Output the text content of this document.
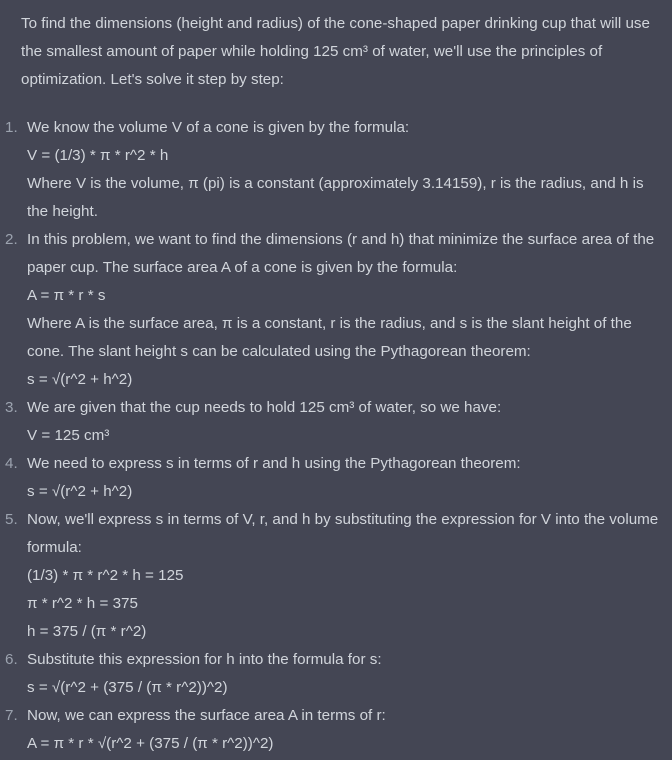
To find the dimensions (height and radius) of the cone-shaped paper drinking cup that will use the smallest amount of paper while holding 125 cm³ of water, we'll use the principles of optimization. Let's solve it step by step:

1. We know the volume V of a cone is given by the formula:
V = (1/3) * π * r^2 * h
Where V is the volume, π (pi) is a constant (approximately 3.14159), r is the radius, and h is the height.
2. In this problem, we want to find the dimensions (r and h) that minimize the surface area of the paper cup. The surface area A of a cone is given by the formula:
A = π * r * s
Where A is the surface area, π is a constant, r is the radius, and s is the slant height of the cone. The slant height s can be calculated using the Pythagorean theorem:
s = √(r^2 + h^2)
3. We are given that the cup needs to hold 125 cm³ of water, so we have:
V = 125 cm³
4. We need to express s in terms of r and h using the Pythagorean theorem:
s = √(r^2 + h^2)
5. Now, we'll express s in terms of V, r, and h by substituting the expression for V into the volume formula:
(1/3) * π * r^2 * h = 125
π * r^2 * h = 375
h = 375 / (π * r^2)
6. Substitute this expression for h into the formula for s:
s = √(r^2 + (375 / (π * r^2))^2)
7. Now, we can express the surface area A in terms of r:
A = π * r * √(r^2 + (375 / (π * r^2))^2)
